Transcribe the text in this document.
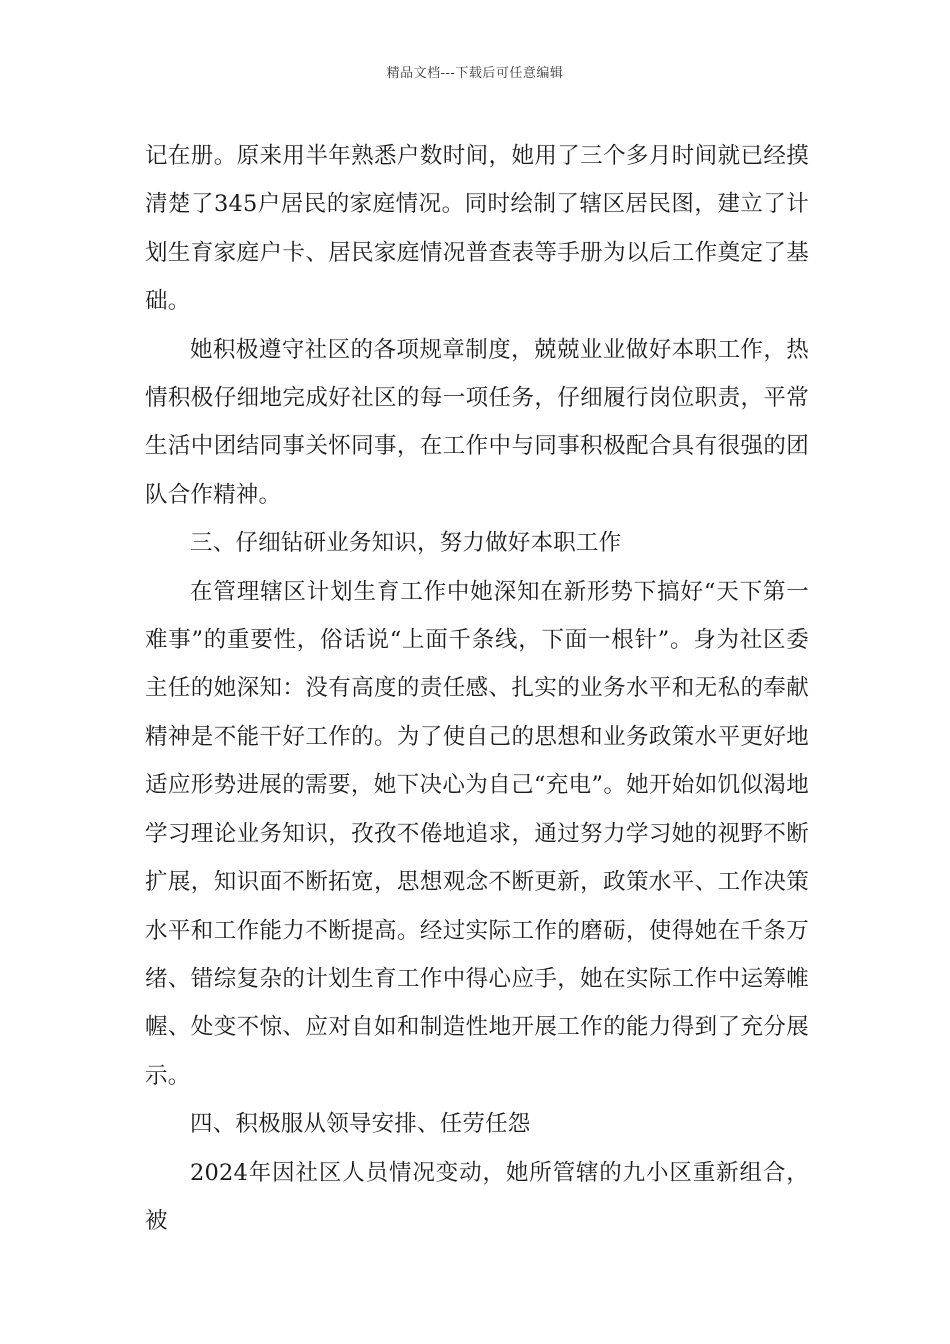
精品文档---下载后可任意编辑

记在册。原来用半年熟悉户数时间，她用了三个多月时间就已经摸清楚了345户居民的家庭情况。同时绘制了辖区居民图，建立了计划生育家庭户卡、居民家庭情况普查表等手册为以后工作奠定了基础。

她积极遵守社区的各项规章制度，兢兢业业做好本职工作，热情积极仔细地完成好社区的每一项任务，仔细履行岗位职责，平常生活中团结同事关怀同事，在工作中与同事积极配合具有很强的团队合作精神。

三、仔细钻研业务知识，努力做好本职工作

在管理辖区计划生育工作中她深知在新形势下搞好“天下第一难事”的重要性，俗话说“上面千条线，下面一根针”。身为社区委主任的她深知：没有高度的责任感、扎实的业务水平和无私的奉献精神是不能干好工作的。为了使自己的思想和业务政策水平更好地适应形势进展的需要，她下决心为自己“充电”。她开始如饥似渴地学习理论业务知识，孜孜不倦地追求，通过努力学习她的视野不断扩展，知识面不断拓宽，思想观念不断更新，政策水平、工作决策水平和工作能力不断提高。经过实际工作的磨砺，使得她在千条万绪、错综复杂的计划生育工作中得心应手，她在实际工作中运筹帷幄、处变不惊、应对自如和制造性地开展工作的能力得到了充分展示。

四、积极服从领导安排、任劳任怨

2024年因社区人员情况变动，她所管辖的九小区重新组合，被
